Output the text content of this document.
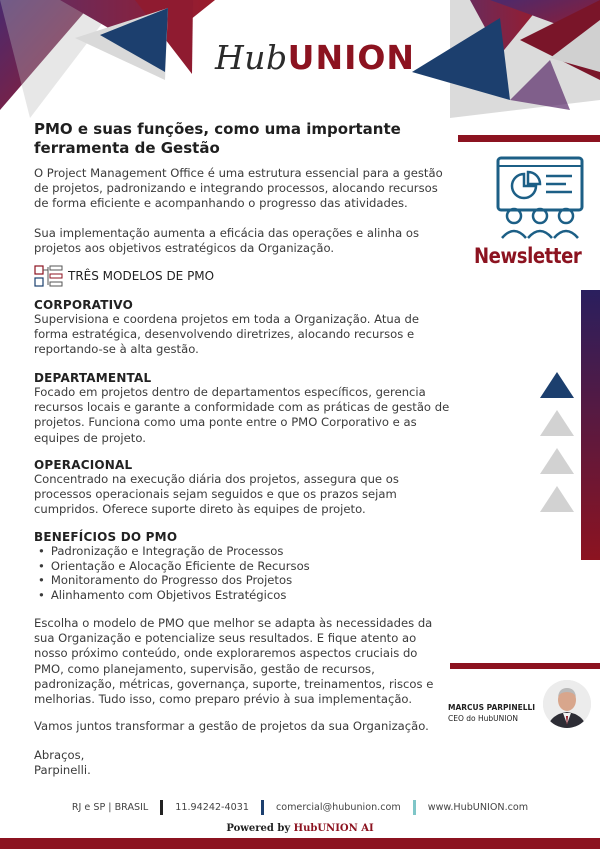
HubUNION
PMO e suas funções, como uma importante ferramenta de Gestão
O Project Management Office é uma estrutura essencial para a gestão de projetos, padronizando e integrando processos, alocando recursos de forma eficiente e acompanhando o progresso das atividades.
Sua implementação aumenta a eficácia das operações e alinha os projetos aos objetivos estratégicos da Organização.
TRÊS MODELOS DE PMO
CORPORATIVO
Supervisiona e coordena projetos em toda a Organização. Atua de forma estratégica, desenvolvendo diretrizes, alocando recursos e reportando-se à alta gestão.
DEPARTAMENTAL
Focado em projetos dentro de departamentos específicos, gerencia recursos locais e garante a conformidade com as práticas de gestão de projetos. Funciona como uma ponte entre o PMO Corporativo e as equipes de projeto.
OPERACIONAL
Concentrado na execução diária dos projetos, assegura que os processos operacionais sejam seguidos e que os prazos sejam cumpridos. Oferece suporte direto às equipes de projeto.
BENEFÍCIOS DO PMO
• Padronização e Integração de Processos
• Orientação e Alocação Eficiente de Recursos
• Monitoramento do Progresso dos Projetos
• Alinhamento com Objetivos Estratégicos
Escolha o modelo de PMO que melhor se adapta às necessidades da sua Organização e potencialize seus resultados. E fique atento ao nosso próximo conteúdo, onde exploraremos aspectos cruciais do PMO, como planejamento, supervisão, gestão de recursos, padronização, métricas, governança, suporte, treinamentos, riscos e melhorias. Tudo isso, como preparo prévio à sua implementação.
Vamos juntos transformar a gestão de projetos da sua Organização.
Abraços,
Parpinelli.
Newsletter
MARCUS PARPINELLI
CEO do HubUNION
RJ e SP | BRASIL	11.94242-4031	comercial@hubunion.com	www.HubUNION.com
Powered by HubUNION AI
